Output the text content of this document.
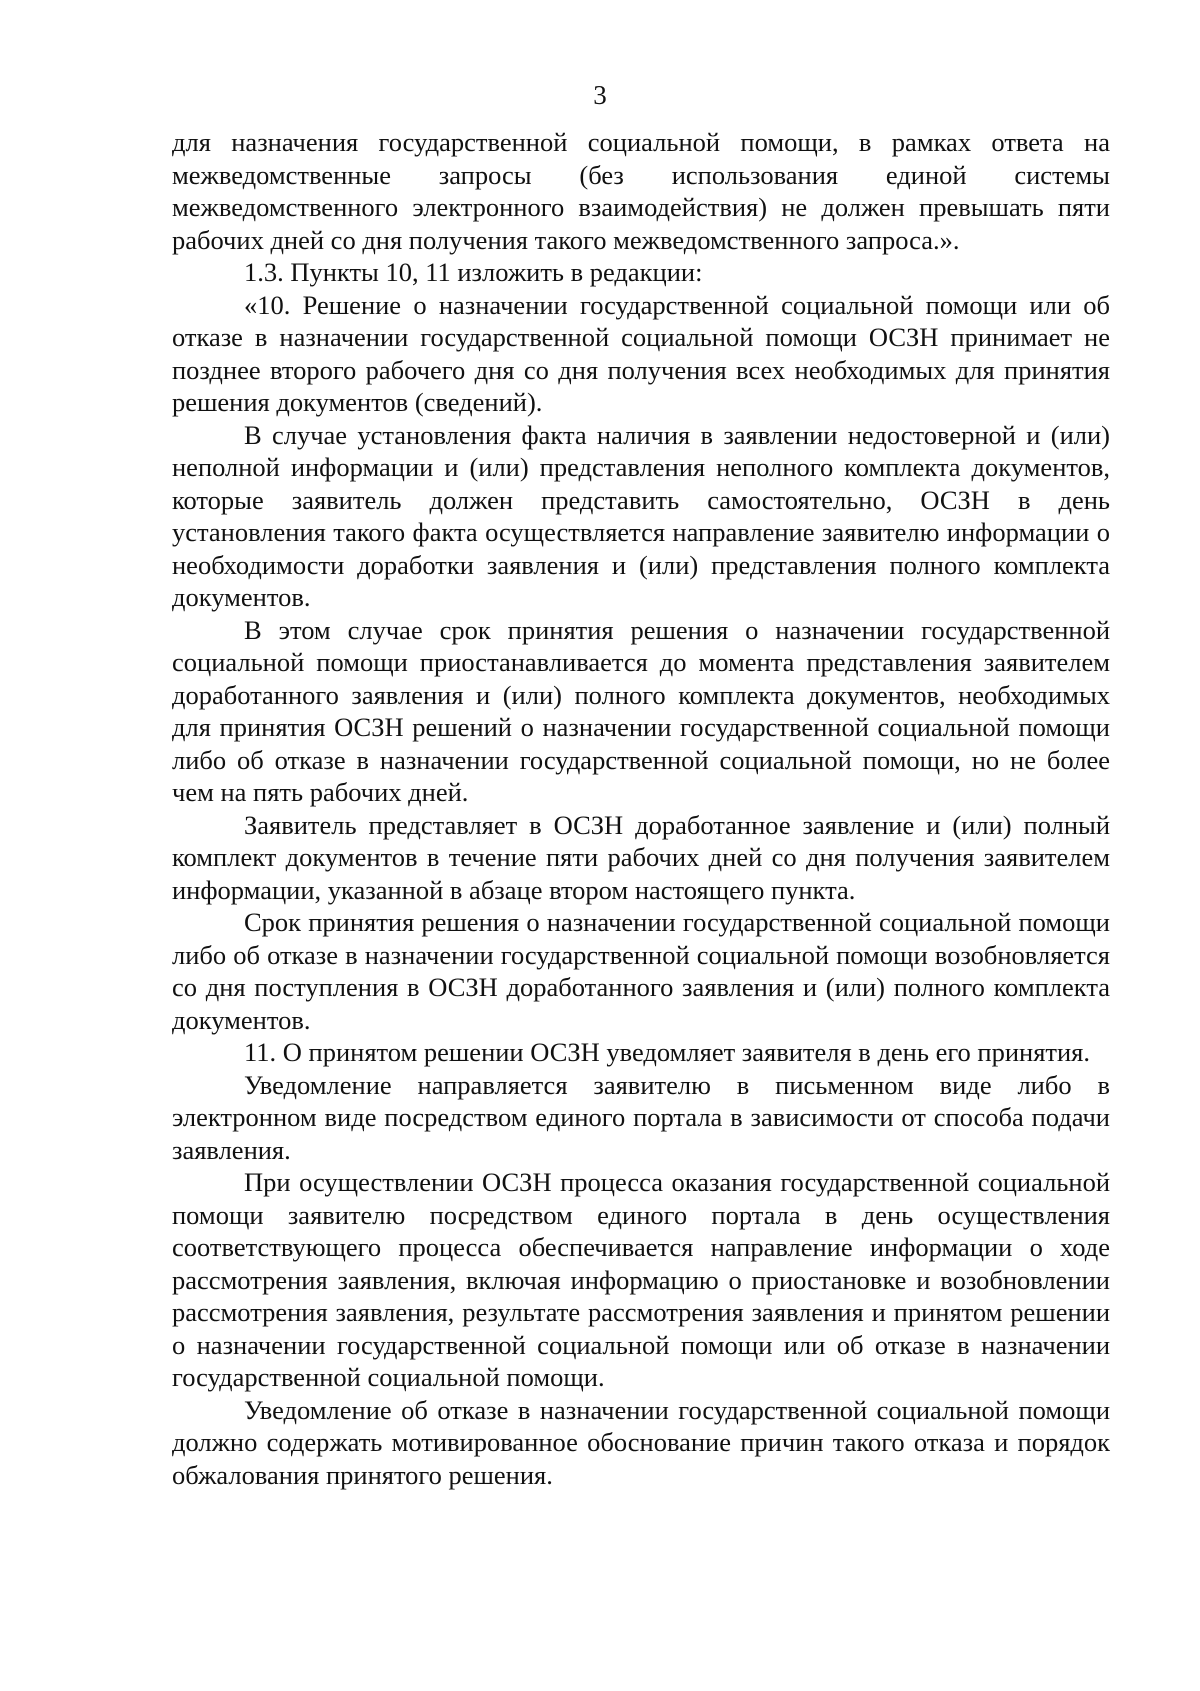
3

для назначения государственной социальной помощи, в рамках ответа на межведомственные запросы (без использования единой системы межведомственного электронного взаимодействия) не должен превышать пяти рабочих дней со дня получения такого межведомственного запроса.».

1.3. Пункты 10, 11 изложить в редакции:

«10. Решение о назначении государственной социальной помощи или об отказе в назначении государственной социальной помощи ОСЗН принимает не позднее второго рабочего дня со дня получения всех необходимых для принятия решения документов (сведений).

В случае установления факта наличия в заявлении недостоверной и (или) неполной информации и (или) представления неполного комплекта документов, которые заявитель должен представить самостоятельно, ОСЗН в день установления такого факта осуществляется направление заявителю информации о необходимости доработки заявления и (или) представления полного комплекта документов.

В этом случае срок принятия решения о назначении государственной социальной помощи приостанавливается до момента представления заявителем доработанного заявления и (или) полного комплекта документов, необходимых для принятия ОСЗН решений о назначении государственной социальной помощи либо об отказе в назначении государственной социальной помощи, но не более чем на пять рабочих дней.

Заявитель представляет в ОСЗН доработанное заявление и (или) полный комплект документов в течение пяти рабочих дней со дня получения заявителем информации, указанной в абзаце втором настоящего пункта.

Срок принятия решения о назначении государственной социальной помощи либо об отказе в назначении государственной социальной помощи возобновляется со дня поступления в ОСЗН доработанного заявления и (или) полного комплекта документов.

11. О принятом решении ОСЗН уведомляет заявителя в день его принятия.

Уведомление направляется заявителю в письменном виде либо в электронном виде посредством единого портала в зависимости от способа подачи заявления.

При осуществлении ОСЗН процесса оказания государственной социальной помощи заявителю посредством единого портала в день осуществления соответствующего процесса обеспечивается направление информации о ходе рассмотрения заявления, включая информацию о приостановке и возобновлении рассмотрения заявления, результате рассмотрения заявления и принятом решении о назначении государственной социальной помощи или об отказе в назначении государственной социальной помощи.

Уведомление об отказе в назначении государственной социальной помощи должно содержать мотивированное обоснование причин такого отказа и порядок обжалования принятого решения.
